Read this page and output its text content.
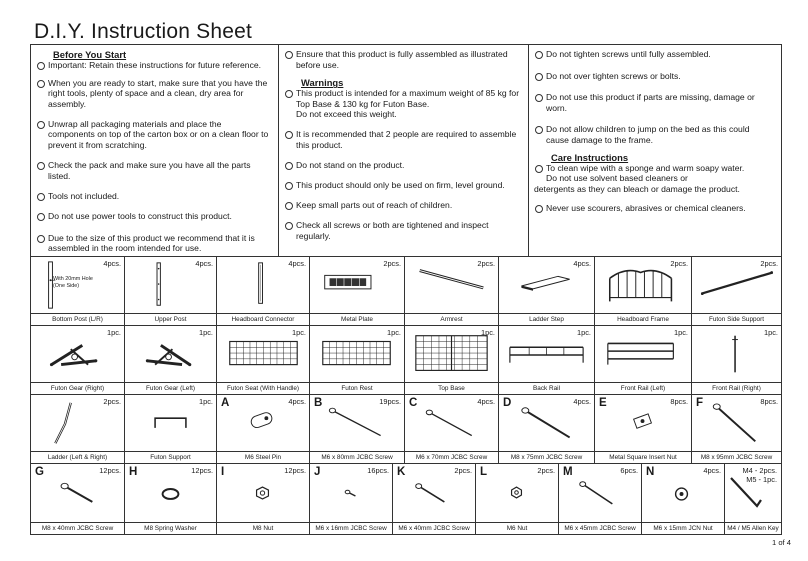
D.I.Y. Instruction Sheet
Before You Start
Important: Retain these instructions for future reference.
When you are ready to start, make sure that you have the right tools, plenty of space and a clean, dry area for assembly.
Unwrap all packaging materials and place the components on top of the carton box or on a clean floor to prevent it from scratching.
Check the pack and make sure you have all the parts listed.
Tools not included.
Do not use power tools to construct this product.
Due to the size of this product we recommend that it is assembled in the room intended for use.
Ensure that this product is fully assembled as illustrated before use.
Warnings
This product is intended for a maximum weight of 85 kg for Top Base & 130 kg for Futon Base.
Do not exceed this weight.
It is recommended that 2 people are required to assemble this product.
Do not stand on the product.
This product should only be used on firm, level ground.
Keep small parts out of reach of children.
Check all screws or both are tightened and inspect regularly.
Do not tighten screws until fully assembled.
Do not over tighten screws or bolts.
Do not use this product if parts are missing, damage or worn.
Do not allow children to jump on the bed as this could cause damage to the frame.
Care Instructions
To clean wipe with a sponge and warm soapy water.
Do not use solvent based cleaners or
detergents as they can bleach or damage the product.
Never use scourers, abrasives or chemical cleaners.
With 20mm Hole
(One Side)
4pcs.
Bottom Post (L/R)
4pcs.
Upper Post
4pcs.
Headboard Connector
2pcs.
Metal Plate
2pcs.
Armrest
4pcs.
Ladder Step
2pcs.
Headboard Frame
2pcs.
Futon Side Support
1pc.
Futon Gear (Right)
1pc.
Futon Gear (Left)
1pc.
Futon Seat (With Handle)
1pc.
Futon Rest
1pc.
Top Base
1pc.
Back Rail
1pc.
Front Rail (Left)
1pc.
Front Rail (Right)
2pcs.
Ladder (Left & Right)
1pc.
Futon Support
A	4pcs.
M6 Steel Pin
B	19pcs.
M6 x 80mm JCBC Screw
C	4pcs.
M6 x 70mm JCBC Screw
D	4pcs.
M8 x 75mm JCBC Screw
E	8pcs.
Metal Square Insert Nut
F	8pcs.
M8 x 95mm JCBC Screw
G	12pcs.
M8 x 40mm JCBC Screw
H	12pcs.
M8 Spring Washer
I	12pcs.
M8 Nut
J	16pcs.
M6 x 16mm JCBC Screw
K	2pcs.
M6 x 40mm JCBC Screw
L	2pcs.
M6 Nut
M	6pcs.
M6 x 45mm JCBC Screw
N	4pcs.
M6 x 15mm JCN Nut
M4 - 2pcs.
M5 - 1pc.
M4 / M5 Allen Key
1 of 4
